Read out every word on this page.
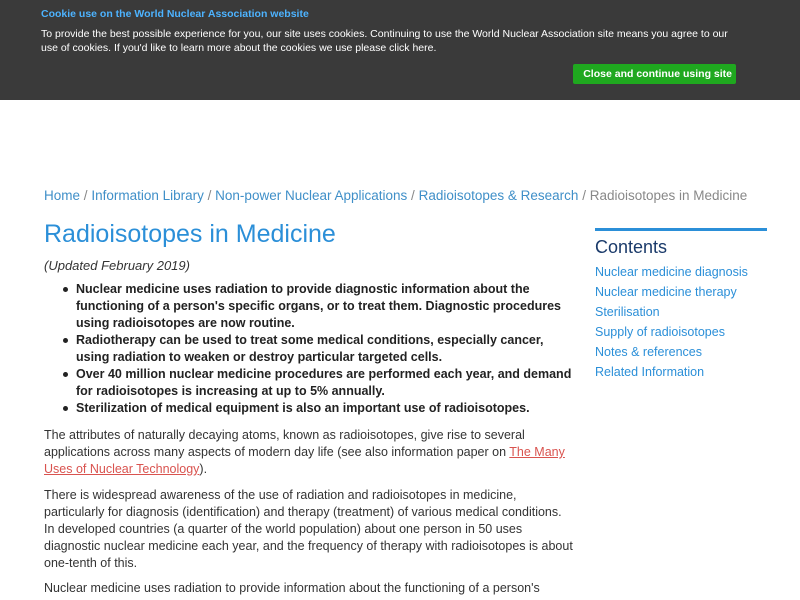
Cookie use on the World Nuclear Association website
To provide the best possible experience for you, our site uses cookies. Continuing to use the World Nuclear Association site means you agree to our use of cookies. If you'd like to learn more about the cookies we use please click here.
Close and continue using site
Home / Information Library / Non-power Nuclear Applications / Radioisotopes & Research / Radioisotopes in Medicine
Radioisotopes in Medicine
(Updated February 2019)
Nuclear medicine uses radiation to provide diagnostic information about the functioning of a person's specific organs, or to treat them. Diagnostic procedures using radioisotopes are now routine.
Radiotherapy can be used to treat some medical conditions, especially cancer, using radiation to weaken or destroy particular targeted cells.
Over 40 million nuclear medicine procedures are performed each year, and demand for radioisotopes is increasing at up to 5% annually.
Sterilization of medical equipment is also an important use of radioisotopes.

The attributes of naturally decaying atoms, known as radioisotopes, give rise to several applications across many aspects of modern day life (see also information paper on The Many Uses of Nuclear Technology).

There is widespread awareness of the use of radiation and radioisotopes in medicine, particularly for diagnosis (identification) and therapy (treatment) of various medical conditions. In developed countries (a quarter of the world population) about one person in 50 uses diagnostic nuclear medicine each year, and the frequency of therapy with radioisotopes is about one-tenth of this.

Nuclear medicine uses radiation to provide information about the functioning of a person's

Contents
Nuclear medicine diagnosis
Nuclear medicine therapy
Sterilisation
Supply of radioisotopes
Notes & references
Related Information
